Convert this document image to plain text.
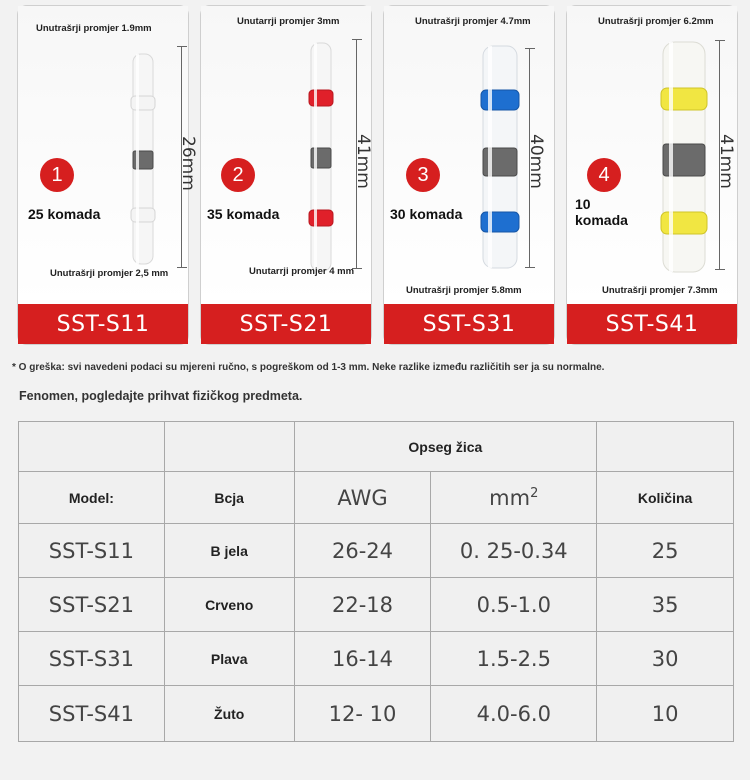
Unutrašrji promjer 1.9mm
26mm
1
25 komada
Unutrašrji promjer 2,5 mm
SST-S11
Unutarrji promjer 3mm
41mm
2
35 komada
Unutarrji promjer 4 mm
SST-S21
Unutrašrji promjer 4.7mm
40mm
3
30 komada
Unutrašrji promjer 5.8mm
SST-S31
Unutrašrji promjer 6.2mm
41mm
4
10 komada
Unutrašrji promjer 7.3mm
SST-S41
* O greška: svi navedeni podaci su mjereni ručno, s pogreškom od 1-3 mm. Neke razlike između različitih ser ja su normalne.
Fenomen, pogledajte prihvat fizičkog predmeta.
		Opseg žica		
Model:	Bcja	AWG	$mm^2$	Količina
SST-S11	B jela	26-24	0. 25-0.34	25
SST-S21	Crveno	22-18	0.5-1.0	35
SST-S31	Plava	16-14	1.5-2.5	30
SST-S41	Žuto	12- 10	4.0-6.0	10
